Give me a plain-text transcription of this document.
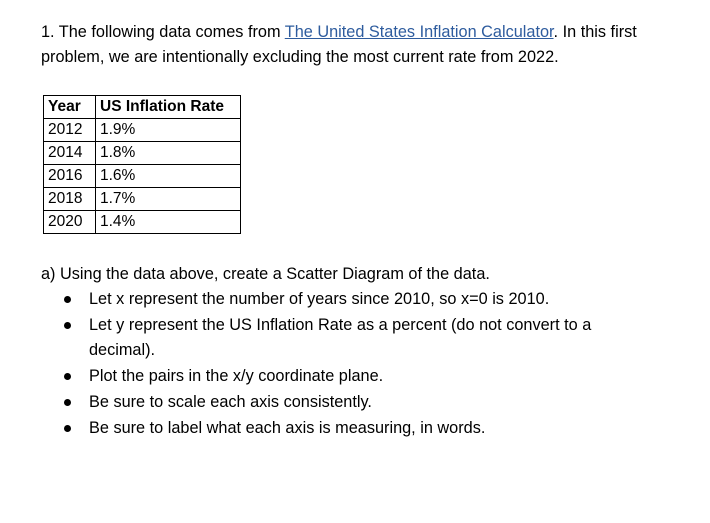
1. The following data comes from The United States Inflation Calculator. In this first problem, we are intentionally excluding the most current rate from 2022.
Year	US Inflation Rate
2012	1.9%
2014	1.8%
2016	1.6%
2018	1.7%
2020	1.4%
a) Using the data above, create a Scatter Diagram of the data.
Let x represent the number of years since 2010, so x=0 is 2010.
Let y represent the US Inflation Rate as a percent (do not convert to a decimal).
Plot the pairs in the x/y coordinate plane.
Be sure to scale each axis consistently.
Be sure to label what each axis is measuring, in words.
